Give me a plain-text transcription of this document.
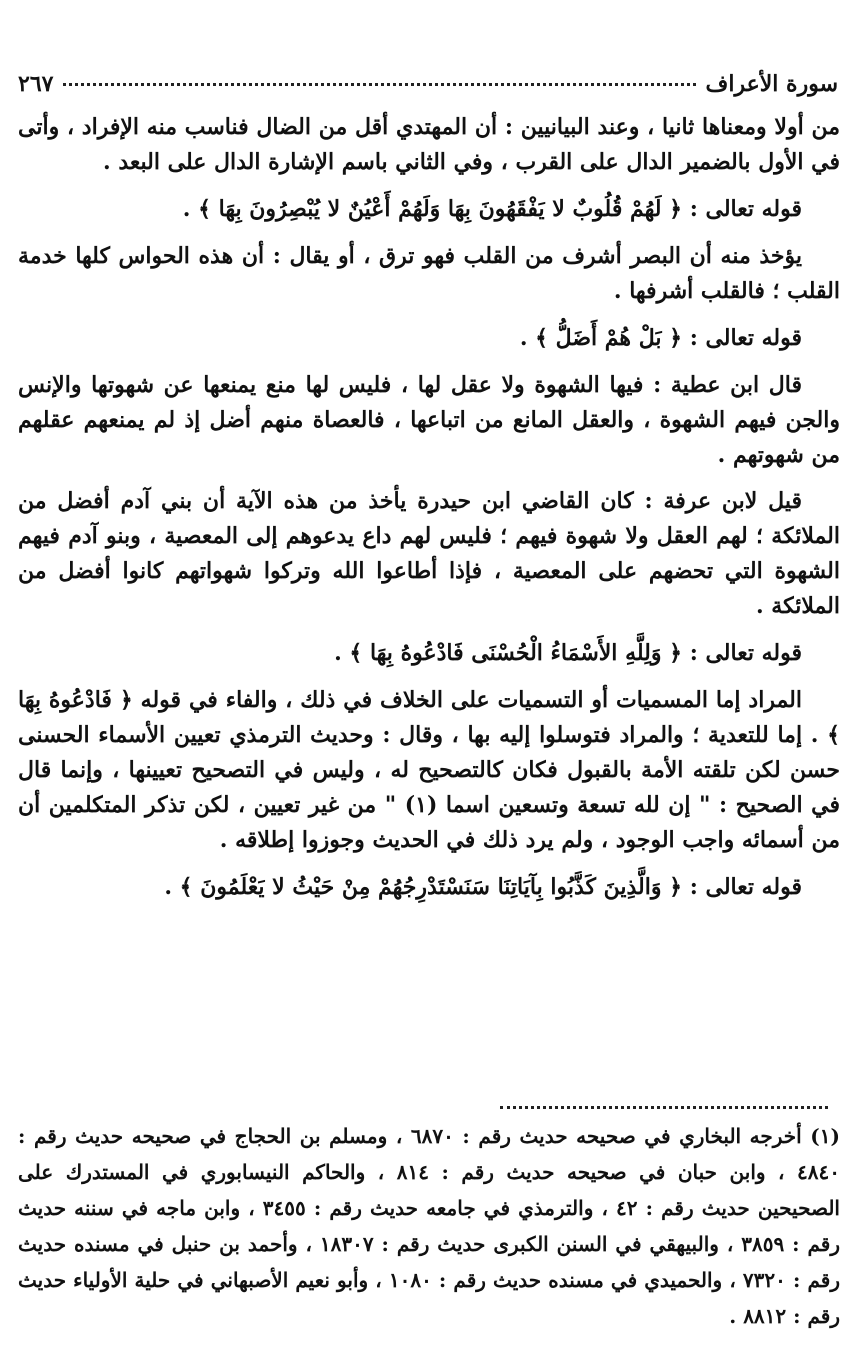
سورة الأعراف
٢٦٧

من أولا ومعناها ثانيا ، وعند البيانيين : أن المهتدي أقل من الضال فناسب منه الإفراد ، وأتى في الأول بالضمير الدال على القرب ، وفي الثاني باسم الإشارة الدال على البعد .

قوله تعالى : ﴿ لَهُمْ قُلُوبٌ لا يَفْقَهُونَ بِهَا وَلَهُمْ أَعْيُنٌ لا يُبْصِرُونَ بِهَا ﴾ .

يؤخذ منه أن البصر أشرف من القلب فهو ترق ، أو يقال : أن هذه الحواس كلها خدمة القلب ؛ فالقلب أشرفها .

قوله تعالى : ﴿ بَلْ هُمْ أَضَلُّ ﴾ .

قال ابن عطية : فيها الشهوة ولا عقل لها ، فليس لها منع يمنعها عن شهوتها والإنس والجن فيهم الشهوة ، والعقل المانع من اتباعها ، فالعصاة منهم أضل إذ لم يمنعهم عقلهم من شهوتهم .

قيل لابن عرفة : كان القاضي ابن حيدرة يأخذ من هذه الآية أن بني آدم أفضل من الملائكة ؛ لهم العقل ولا شهوة فيهم ؛ فليس لهم داع يدعوهم إلى المعصية ، وبنو آدم فيهم الشهوة التي تحضهم على المعصية ، فإذا أطاعوا الله وتركوا شهواتهم كانوا أفضل من الملائكة .

قوله تعالى : ﴿ وَلِلَّهِ الأَسْمَاءُ الْحُسْنَى فَادْعُوهُ بِهَا ﴾ .

المراد إما المسميات أو التسميات على الخلاف في ذلك ، والفاء في قوله ﴿ فَادْعُوهُ بِهَا ﴾ . إما للتعدية ؛ والمراد فتوسلوا إليه بها ، وقال : وحديث الترمذي تعيين الأسماء الحسنى حسن لكن تلقته الأمة بالقبول فكان كالتصحيح له ، وليس في التصحيح تعيينها ، وإنما قال في الصحيح : " إن لله تسعة وتسعين اسما (١) " من غير تعيين ، لكن تذكر المتكلمين أن من أسمائه واجب الوجود ، ولم يرد ذلك في الحديث وجوزوا إطلاقه .

قوله تعالى : ﴿ وَالَّذِينَ كَذَّبُوا بِآيَاتِنَا سَنَسْتَدْرِجُهُمْ مِنْ حَيْثُ لا يَعْلَمُونَ ﴾ .

(١) أخرجه البخاري في صحيحه حديث رقم : ٦٨٧٠ ، ومسلم بن الحجاج في صحيحه حديث رقم : ٤٨٤٠ ، وابن حبان في صحيحه حديث رقم : ٨١٤ ، والحاكم النيسابوري في المستدرك على الصحيحين حديث رقم : ٤٢ ، والترمذي في جامعه حديث رقم : ٣٤٥٥ ، وابن ماجه في سننه حديث رقم : ٣٨٥٩ ، والبيهقي في السنن الكبرى حديث رقم : ١٨٣٠٧ ، وأحمد بن حنبل في مسنده حديث رقم : ٧٣٢٠ ، والحميدي في مسنده حديث رقم : ١٠٨٠ ، وأبو نعيم الأصبهاني في حلية الأولياء حديث رقم : ٨٨١٢ .
